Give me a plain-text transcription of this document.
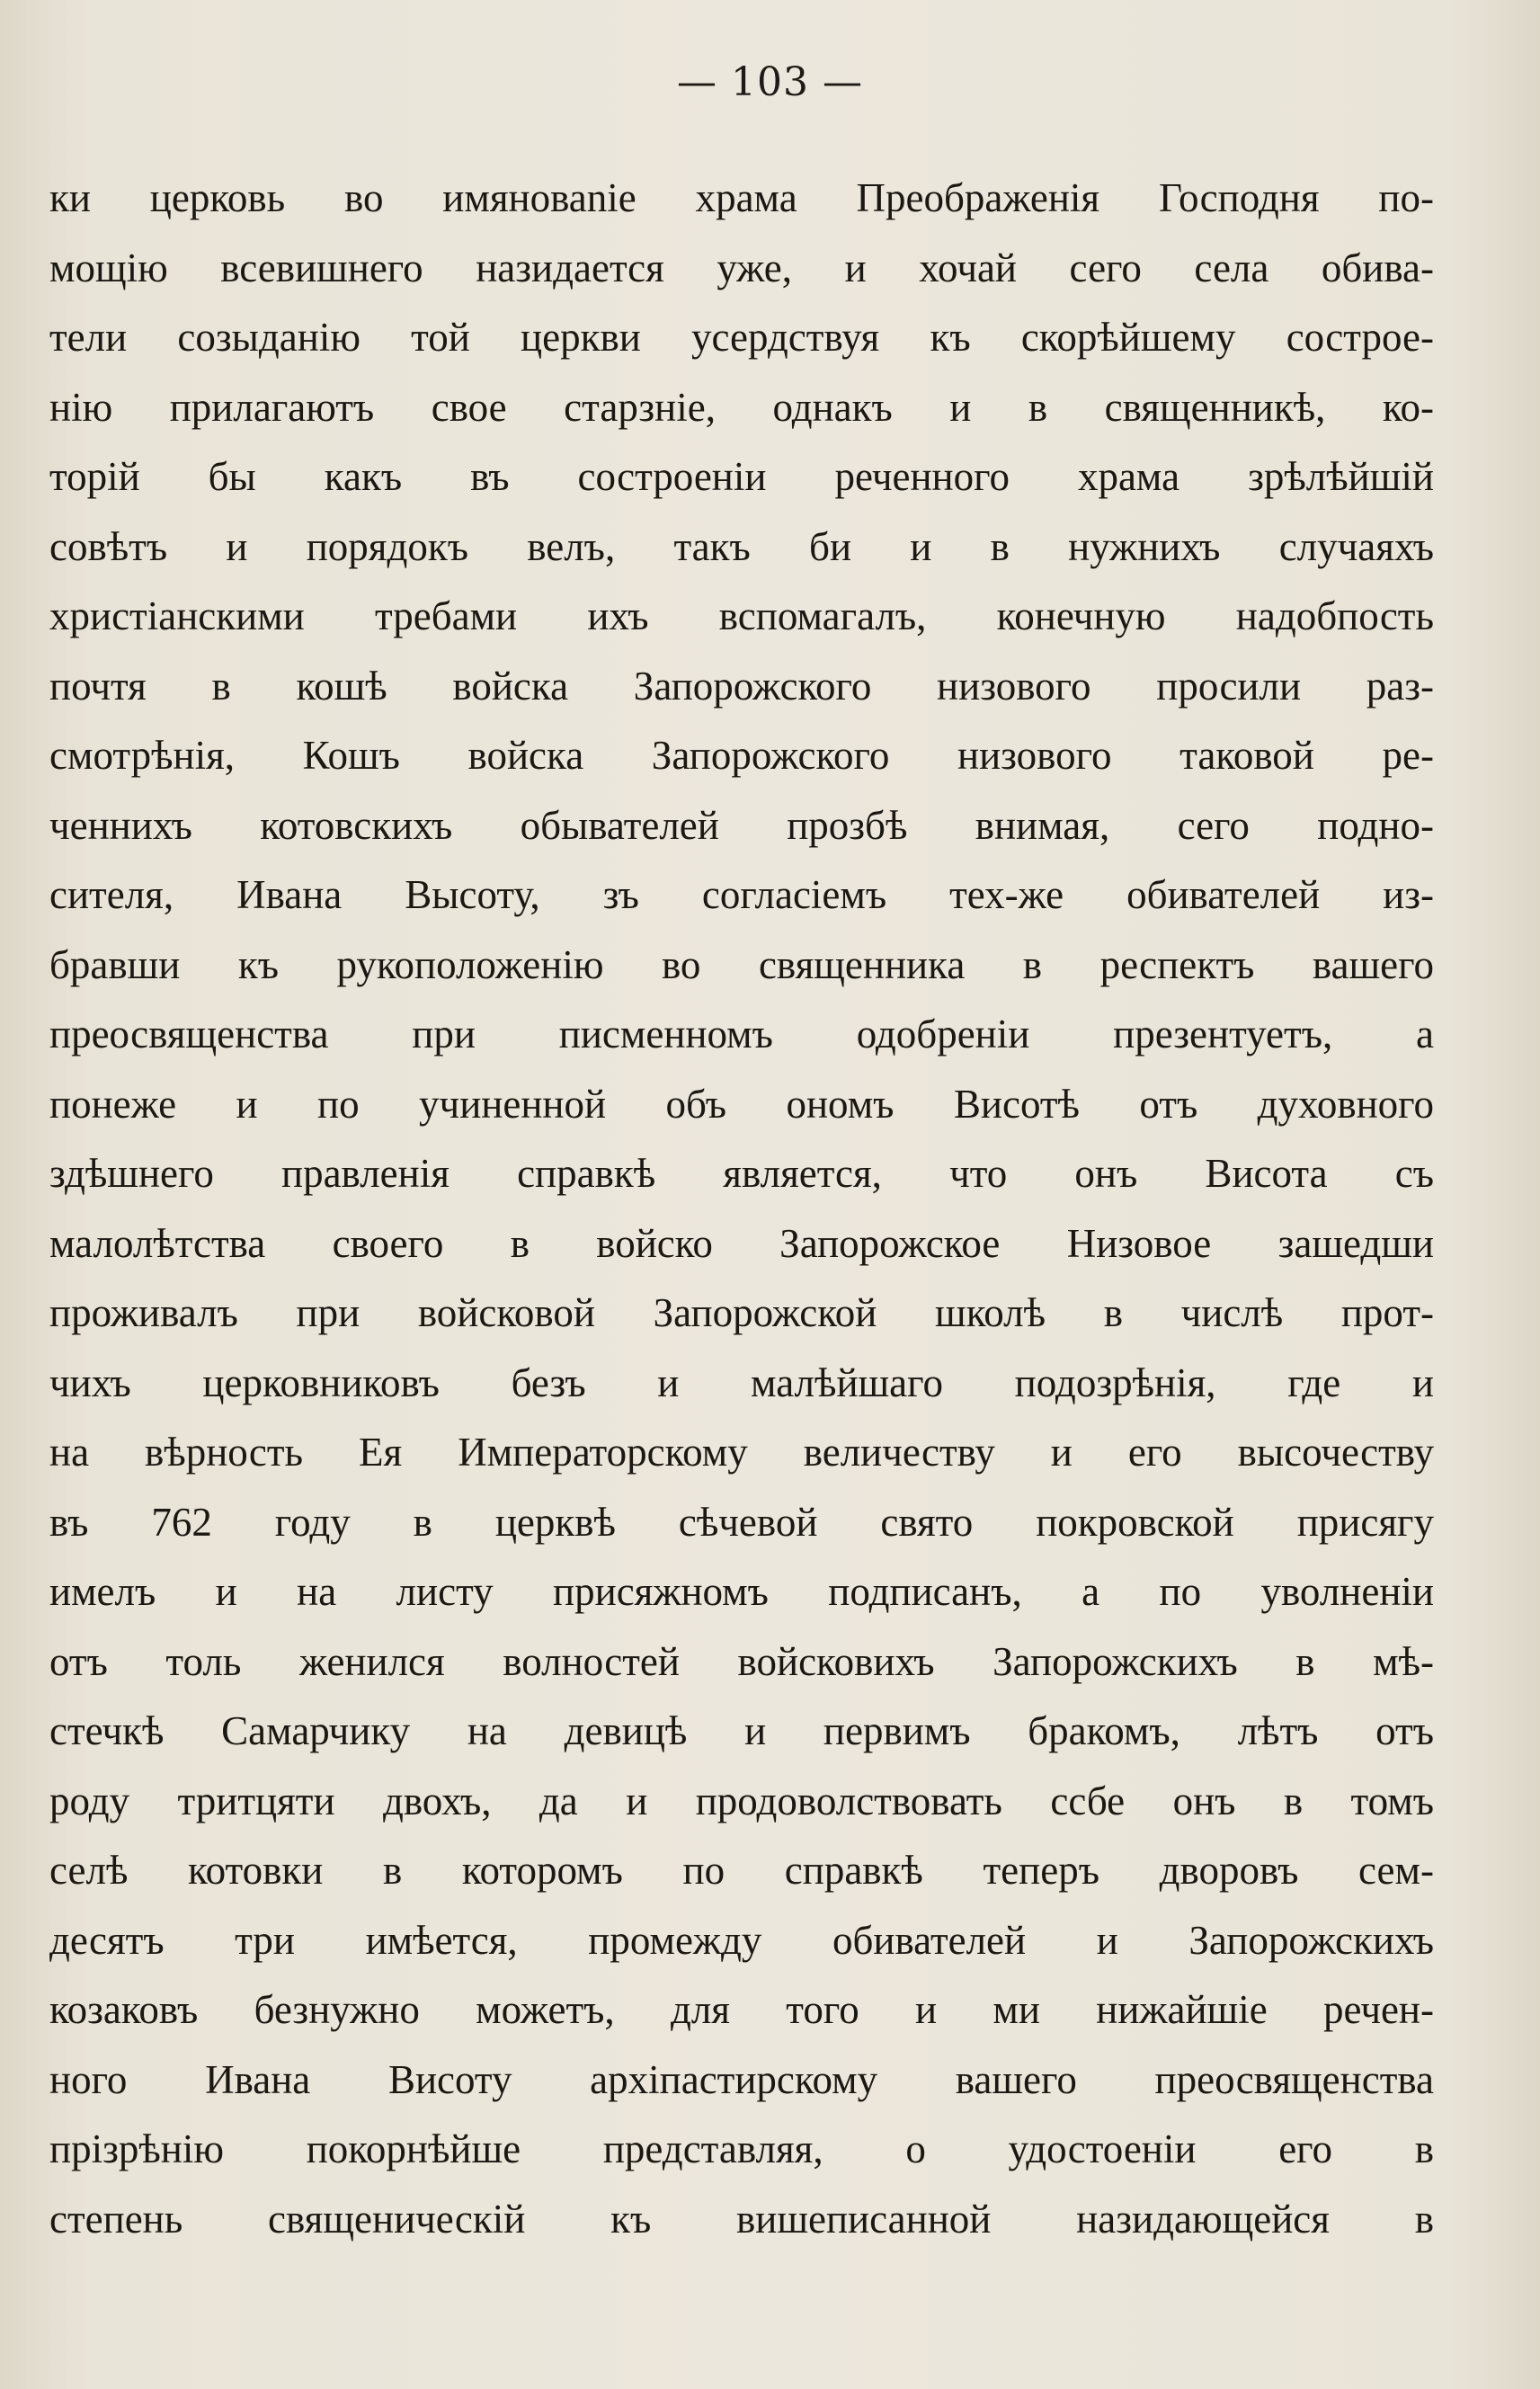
— 103 —
ки церковь во имяноваnіе храма Преображенія Господня по-
мощію всевишнего назидается уже, и хочай сего села обива-
тели созыданію той церкви усердствуя къ скорѣйшему сострое-
нію прилагаютъ свое старзніе, однакъ и в священникѣ, ко-
торій бы какъ въ состроеніи реченного храма зрѣлѣйшій
совѣтъ и порядокъ велъ, такъ би и в нужнихъ случаяхъ
христіанскими требами ихъ вспомагалъ, конечную надобпость
почтя в кошѣ войска Запорожского низового просили раз-
смотрѣнія, Кошъ войска Запорожского низового таковой ре-
ченнихъ котовскихъ обывателей прозбѣ внимая, сего подно-
сителя, Ивана Высоту, зъ согласіемъ тех-же обивателей из-
бравши къ рукоположенію во священника в респектъ вашего
преосвященства при писменномъ одобреніи презентуетъ, а
понеже и по учиненной объ ономъ Висотѣ отъ духовного
здѣшнего правленія справкѣ является, что онъ Висота съ
малолѣтства своего в войско Запорожское Низовое зашедши
проживалъ при войсковой Запорожской школѣ в числѣ прот-
чихъ церковниковъ безъ и малѣйшаго подозрѣнія, где и
на вѣрность Ея Императорскому величеству и его высочеству
въ 762 году в церквѣ сѣчевой свято покровской присягу
имелъ и на листу присяжномъ подписанъ, а по уволненіи
отъ толь женился волностей войсковихъ Запорожскихъ в мѣ-
стечкѣ Самарчику на девицѣ и первимъ бракомъ, лѣтъ отъ
роду тритцяти двохъ, да и продоволствовать ссбе онъ в томъ
селѣ котовки в которомъ по справкѣ теперъ дворовъ сем-
десятъ три имѣется, промежду обивателей и Запорожскихъ
козаковъ безнужно можетъ, для того и ми нижайшіе речен-
ного Ивана Висоту архіпастирскому вашего преосвященства
прізрѣнію покорнѣйше представляя, о удостоеніи его в
степень священическій къ вишеписанной назидающейся в
